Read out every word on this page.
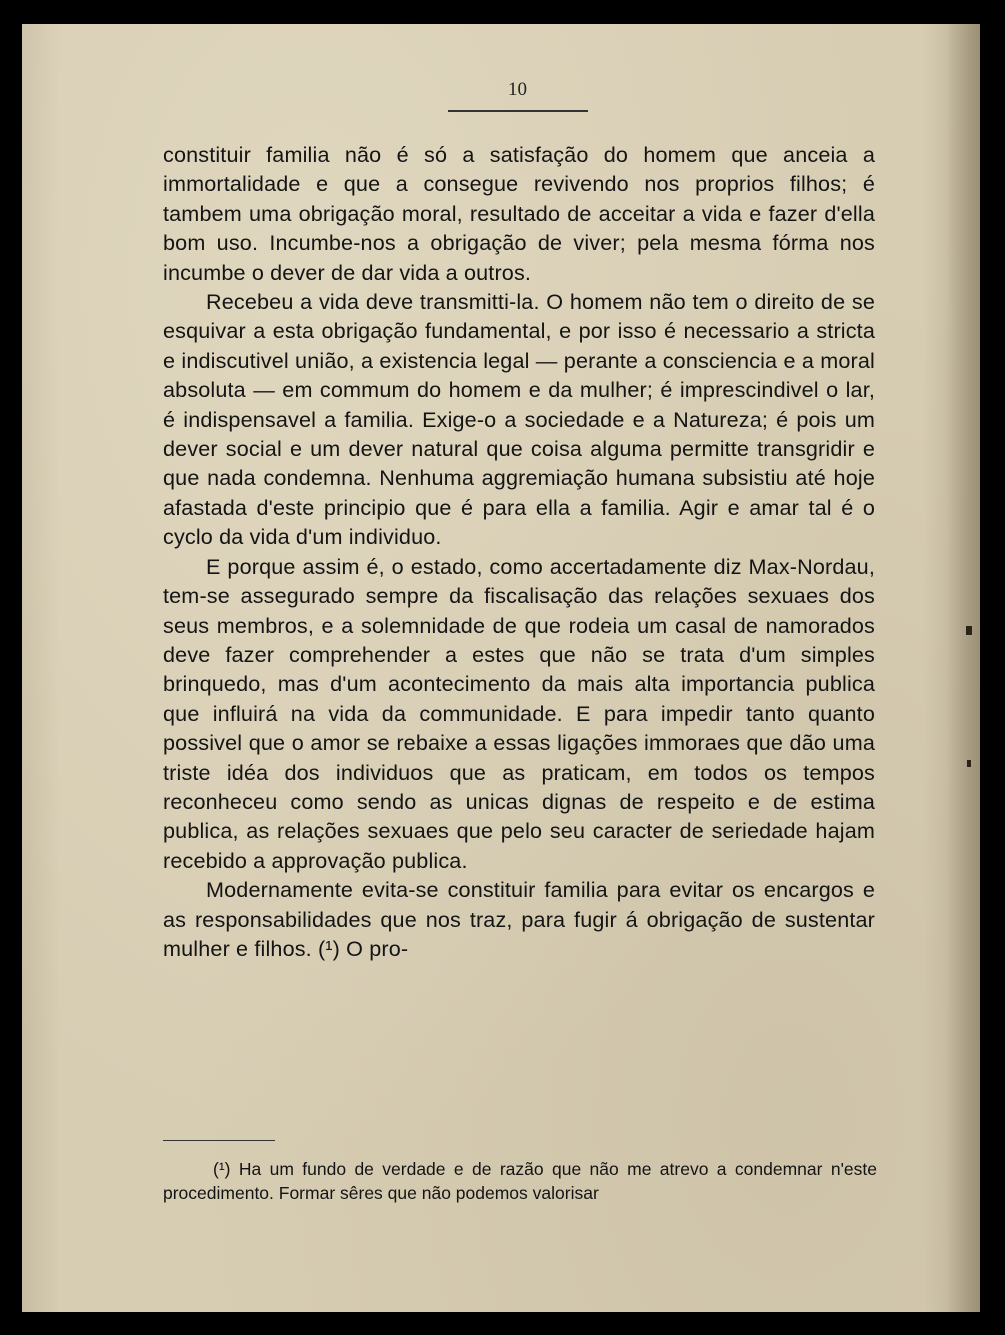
10

constituir familia não é só a satisfação do homem que anceia a immortalidade e que a consegue revivendo nos proprios filhos; é tambem uma obrigação moral, resultado de acceitar a vida e fazer d'ella bom uso. Incumbe-nos a obrigação de viver; pela mesma fórma nos incumbe o dever de dar vida a outros.

Recebeu a vida deve transmitti-la. O homem não tem o direito de se esquivar a esta obrigação fundamental, e por isso é necessario a stricta e indiscutivel união, a existencia legal — perante a consciencia e a moral absoluta — em commum do homem e da mulher; é imprescindivel o lar, é indispensavel a familia. Exige-o a sociedade e a Natureza; é pois um dever social e um dever natural que coisa alguma permitte transgridir e que nada condemna. Nenhuma aggremiação humana subsistiu até hoje afastada d'este principio que é para ella a familia. Agir e amar tal é o cyclo da vida d'um individuo.

E porque assim é, o estado, como accertadamente diz Max-Nordau, tem-se assegurado sempre da fiscalisação das relações sexuaes dos seus membros, e a solemnidade de que rodeia um casal de namorados deve fazer comprehender a estes que não se trata d'um simples brinquedo, mas d'um acontecimento da mais alta importancia publica que influirá na vida da communidade. E para impedir tanto quanto possivel que o amor se rebaixe a essas ligações immoraes que dão uma triste idéa dos individuos que as praticam, em todos os tempos reconheceu como sendo as unicas dignas de respeito e de estima publica, as relações sexuaes que pelo seu caracter de seriedade hajam recebido a approvação publica.

Modernamente evita-se constituir familia para evitar os encargos e as responsabilidades que nos traz, para fugir á obrigação de sustentar mulher e filhos. (¹) O pro-

(¹) Ha um fundo de verdade e de razão que não me atrevo a condemnar n'este procedimento. Formar sêres que não podemos valorisar
